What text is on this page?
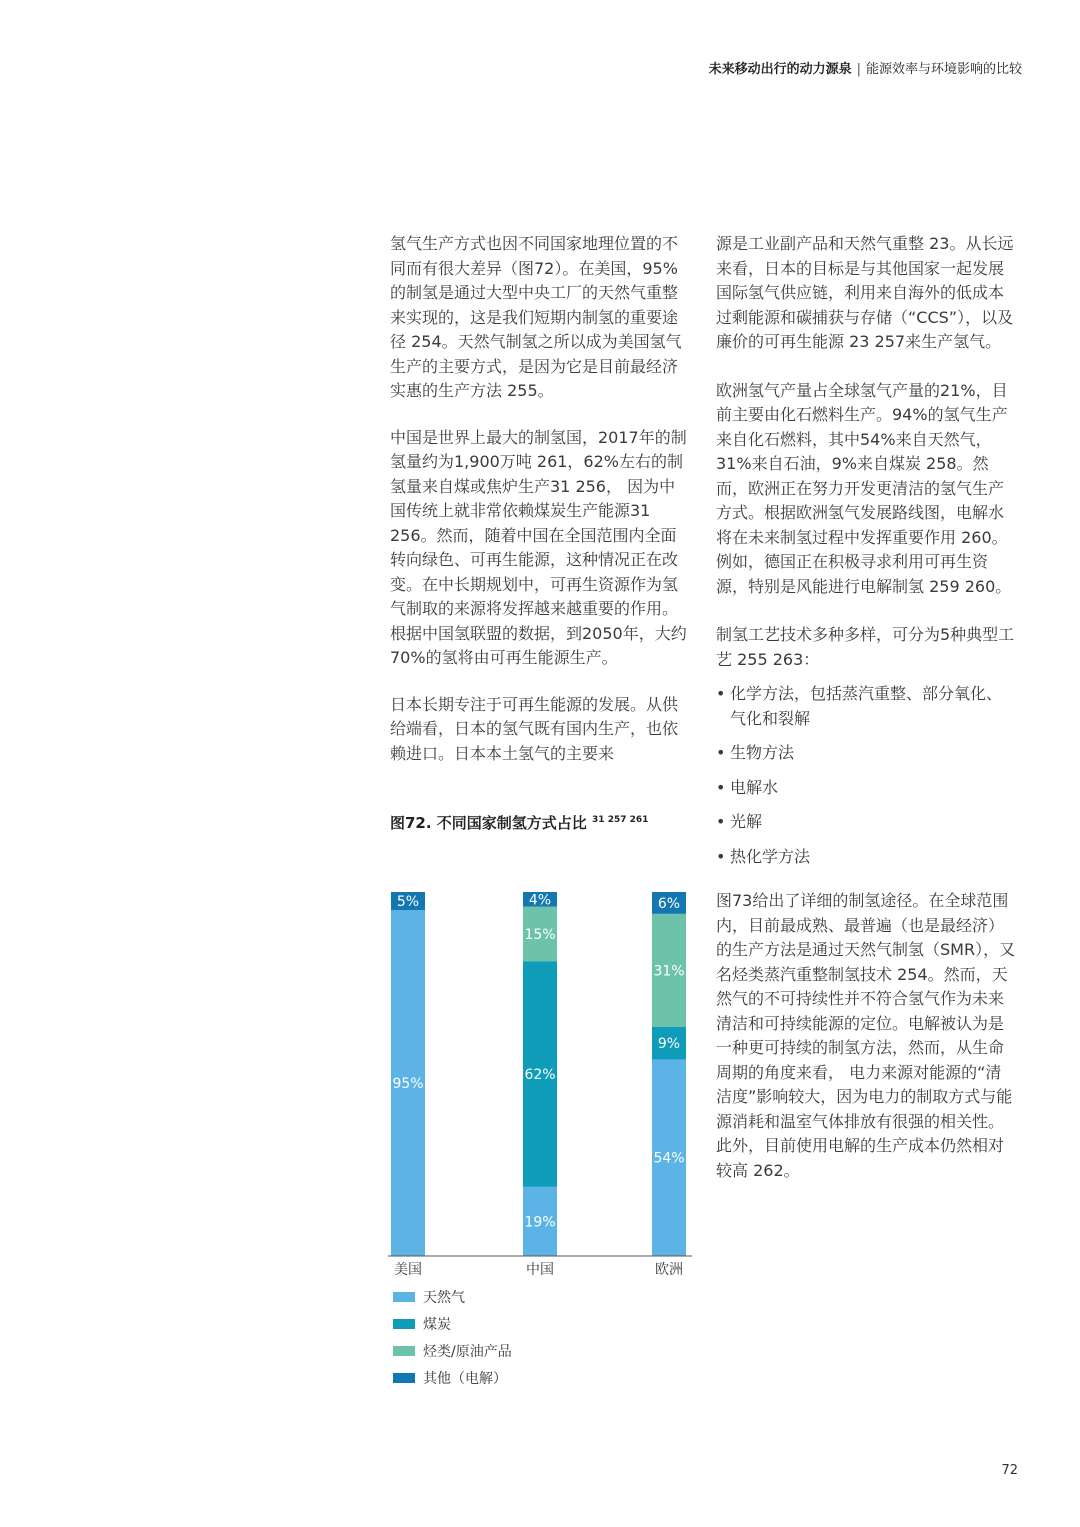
未来移动出行的动力源泉 | 能源效率与环境影响的比较

氢气生产方式也因不同国家地理位置的不同而有很大差异（图72）。在美国，95%的制氢是通过大型中央工厂的天然气重整来实现的，这是我们短期内制氢的重要途径 254。天然气制氢之所以成为美国氢气生产的主要方式，是因为它是目前最经济实惠的生产方法 255。

中国是世界上最大的制氢国，2017年的制氢量约为1,900万吨 261，62%左右的制氢量来自煤或焦炉生产31 256， 因为中国传统上就非常依赖煤炭生产能源31 256。然而，随着中国在全国范围内全面转向绿色、可再生能源，这种情况正在改变。在中长期规划中，可再生资源作为氢气制取的来源将发挥越来越重要的作用。根据中国氢联盟的数据，到2050年，大约70%的氢将由可再生能源生产。

日本长期专注于可再生能源的发展。从供给端看，日本的氢气既有国内生产，也依赖进口。日本本土氢气的主要来

源是工业副产品和天然气重整 23。从长远来看，日本的目标是与其他国家一起发展国际氢气供应链，利用来自海外的低成本过剩能源和碳捕获与存储（“CCS”），以及廉价的可再生能源 23 257来生产氢气。

欧洲氢气产量占全球氢气产量的21%，目前主要由化石燃料生产。94%的氢气生产来自化石燃料，其中54%来自天然气，31%来自石油，9%来自煤炭 258。然而，欧洲正在努力开发更清洁的氢气生产方式。根据欧洲氢气发展路线图，电解水将在未来制氢过程中发挥重要作用 260。例如，德国正在积极寻求利用可再生资源，特别是风能进行电解制氢 259 260。

制氢工艺技术多种多样，可分为5种典型工艺 255 263：

• 化学方法，包括蒸汽重整、部分氧化、气化和裂解
• 生物方法
• 电解水
• 光解
• 热化学方法

图73给出了详细的制氢途径。在全球范围内，目前最成熟、最普遍（也是最经济）的生产方法是通过天然气制氢（SMR），又名烃类蒸汽重整制氢技术 254。然而，天然气的不可持续性并不符合氢气作为未来清洁和可持续能源的定位。电解被认为是一种更可持续的制氢方法，然而，从生命周期的角度来看， 电力来源对能源的“清洁度”影响较大，因为电力的制取方式与能源消耗和温室气体排放有很强的相关性。此外，目前使用电解的生产成本仍然相对较高 262。

图72. 不同国家制氢方式占比 $^{31 257 261}$
95%
5%
美国
19%
62%
15%
4%
中国
54%
9%
31%
6%
欧洲
天然气
煤炭
烃类/原油产品
其他（电解）
72
